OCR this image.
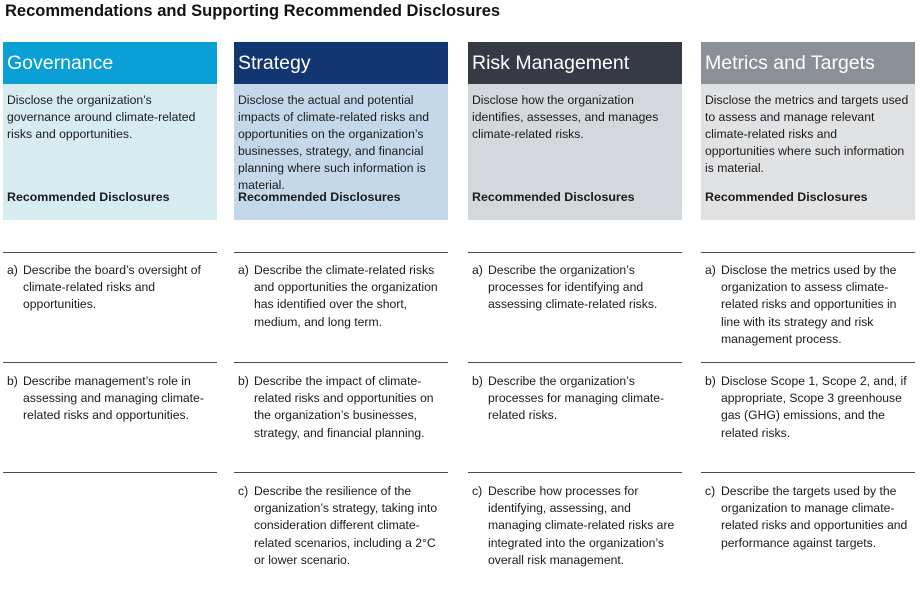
Recommendations and Supporting Recommended Disclosures
Governance
Disclose the organization’s governance around climate-related risks and opportunities.
Recommended Disclosures
a) Describe the board’s oversight of climate-related risks and opportunities.
b) Describe management’s role in assessing and managing climate-related risks and opportunities.
Strategy
Disclose the actual and potential impacts of climate-related risks and opportunities on the organization’s businesses, strategy, and financial planning where such information is material.
Recommended Disclosures
a) Describe the climate-related risks and opportunities the organization has identified over the short, medium, and long term.
b) Describe the impact of climate-related risks and opportunities on the organization’s businesses, strategy, and financial planning.
c) Describe the resilience of the organization’s strategy, taking into consideration different climate-related scenarios, including a 2°C or lower scenario.
Risk Management
Disclose how the organization identifies, assesses, and manages climate-related risks.
Recommended Disclosures
a) Describe the organization’s processes for identifying and assessing climate-related risks.
b) Describe the organization’s processes for managing climate-related risks.
c) Describe how processes for identifying, assessing, and managing climate-related risks are integrated into the organization’s overall risk management.
Metrics and Targets
Disclose the metrics and targets used to assess and manage relevant climate-related risks and opportunities where such information is material.
Recommended Disclosures
a) Disclose the metrics used by the organization to assess climate-related risks and opportunities in line with its strategy and risk management process.
b) Disclose Scope 1, Scope 2, and, if appropriate, Scope 3 greenhouse gas (GHG) emissions, and the related risks.
c) Describe the targets used by the organization to manage climate-related risks and opportunities and performance against targets.
